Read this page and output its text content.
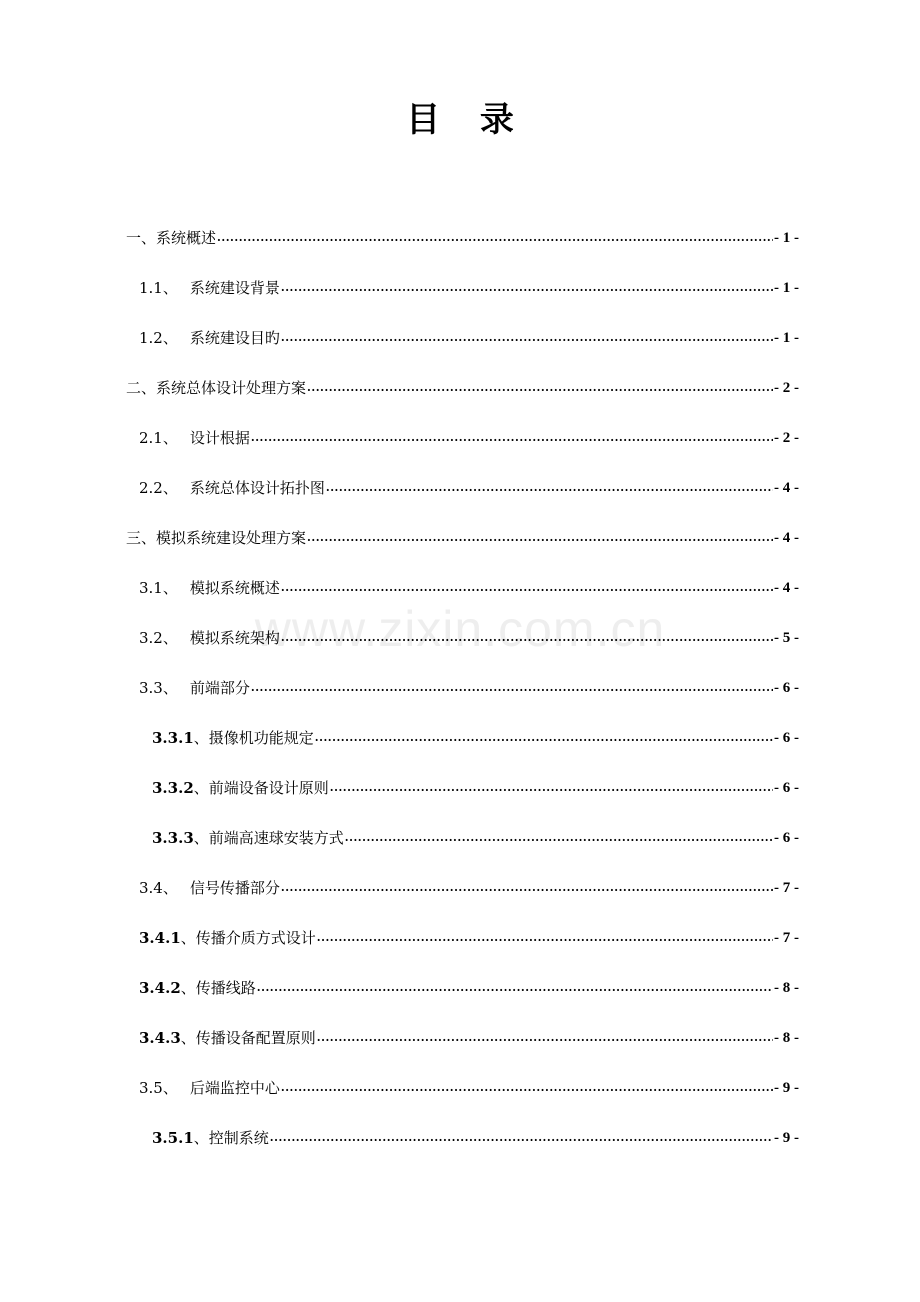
目 录
www.zixin.com.cn
一 、 系统概述 .....	- 1 -
1.1 、 系统建设背景 .....	- 1 -
1.2 、 系统建设目旳 .....	- 1 -
二 、 系统总体设计处理方案 .....	- 2 -
2.1 、 设计根据 .....	- 2 -
2.2 、 系统总体设计拓扑图 .....	- 4 -
三 、 模拟系统建设处理方案 .....	- 4 -
3.1 、 模拟系统概述 .....	- 4 -
3.2 、 模拟系统架构 .....	- 5 -
3.3 、 前端部分 .....	- 6 -
3.3.1 、 摄像机功能规定 .....	- 6 -
3.3.2 、 前端设备设计原则 .....	- 6 -
3.3.3 、 前端高速球安装方式 .....	- 6 -
3.4 、 信号传播部分 .....	- 7 -
3.4.1 、 传播介质方式设计 .....	- 7 -
3.4.2 、 传播线路 .....	- 8 -
3.4.3 、 传播设备配置原则 .....	- 8 -
3.5 、 后端监控中心 .....	- 9 -
3.5.1 、 控制系统 .....	- 9 -
